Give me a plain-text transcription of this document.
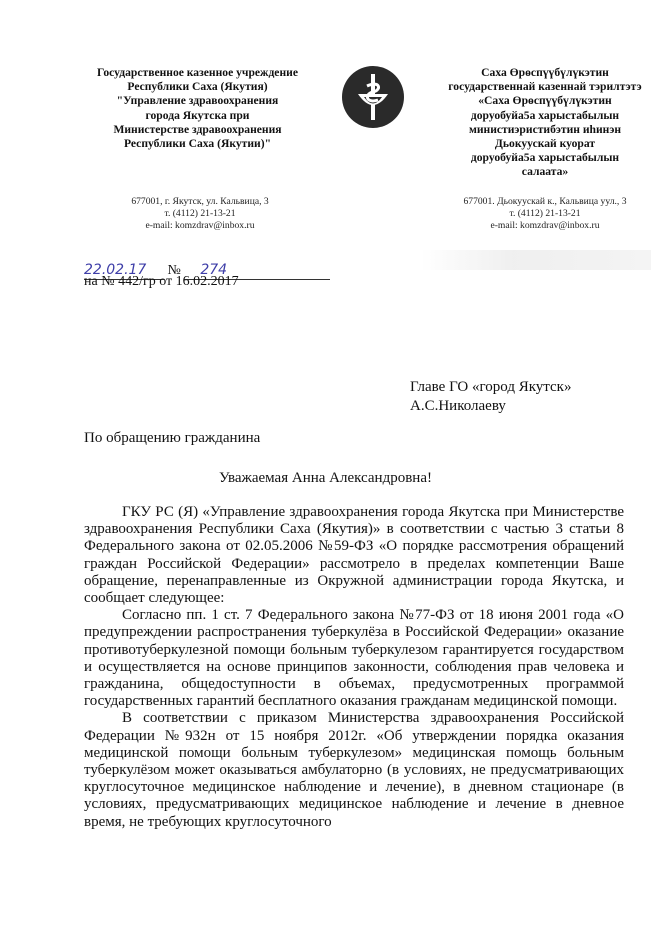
Государственное казенное учреждение
Республики Саха (Якутия)
"Управление здравоохранения
города Якутска при
Министерстве здравоохранения
Республики Саха (Якутии)"
Саха Өрөспүүбүлүкэтин
государственнай казеннай тэрилтэтэ
«Саха Өрөспүүбүлүкэтин
доруобуйа5а харыстабылын
министиэристибэтин иһинэн
Дьокуускай куорат
доруобуйа5а харыстабылын
салаата»
677001, г. Якутск, ул. Кальвица, 3
т. (4112) 21-13-21
e-mail: komzdrav@inbox.ru
677001. Дьокуускай к., Кальвица уул., 3
т. (4112) 21-13-21
e-mail: komzdrav@inbox.ru
22.02.17 № 274
на № 442/гр от 16.02.2017
Главе ГО «город Якутск»
А.С.Николаеву
По обращению гражданина
Уважаемая Анна Александровна!

ГКУ РС (Я) «Управление здравоохранения города Якутска при Министерстве здравоохранения Республики Саха (Якутия)» в соответствии с частью 3 статьи 8 Федерального закона от 02.05.2006 №59-ФЗ «О порядке рассмотрения обращений граждан Российской Федерации» рассмотрело в пределах компетенции Ваше обращение, перенаправленные из Окружной администрации города Якутска, и сообщает следующее:

Согласно пп. 1 ст. 7 Федерального закона №77-ФЗ от 18 июня 2001 года «О предупреждении распространения туберкулёза в Российской Федерации» оказание противотуберкулезной помощи больным туберкулезом гарантируется государством и осуществляется на основе принципов законности, соблюдения прав человека и гражданина, общедоступности в объемах, предусмотренных программой государственных гарантий бесплатного оказания гражданам медицинской помощи.

В соответствии с приказом Министерства здравоохранения Российской Федерации №932н от 15 ноября 2012г. «Об утверждении порядка оказания медицинской помощи больным туберкулезом» медицинская помощь больным туберкулёзом может оказываться амбулаторно (в условиях, не предусматривающих круглосуточное медицинское наблюдение и лечение), в дневном стационаре (в условиях, предусматривающих медицинское наблюдение и лечение в дневное время, не требующих круглосуточного
